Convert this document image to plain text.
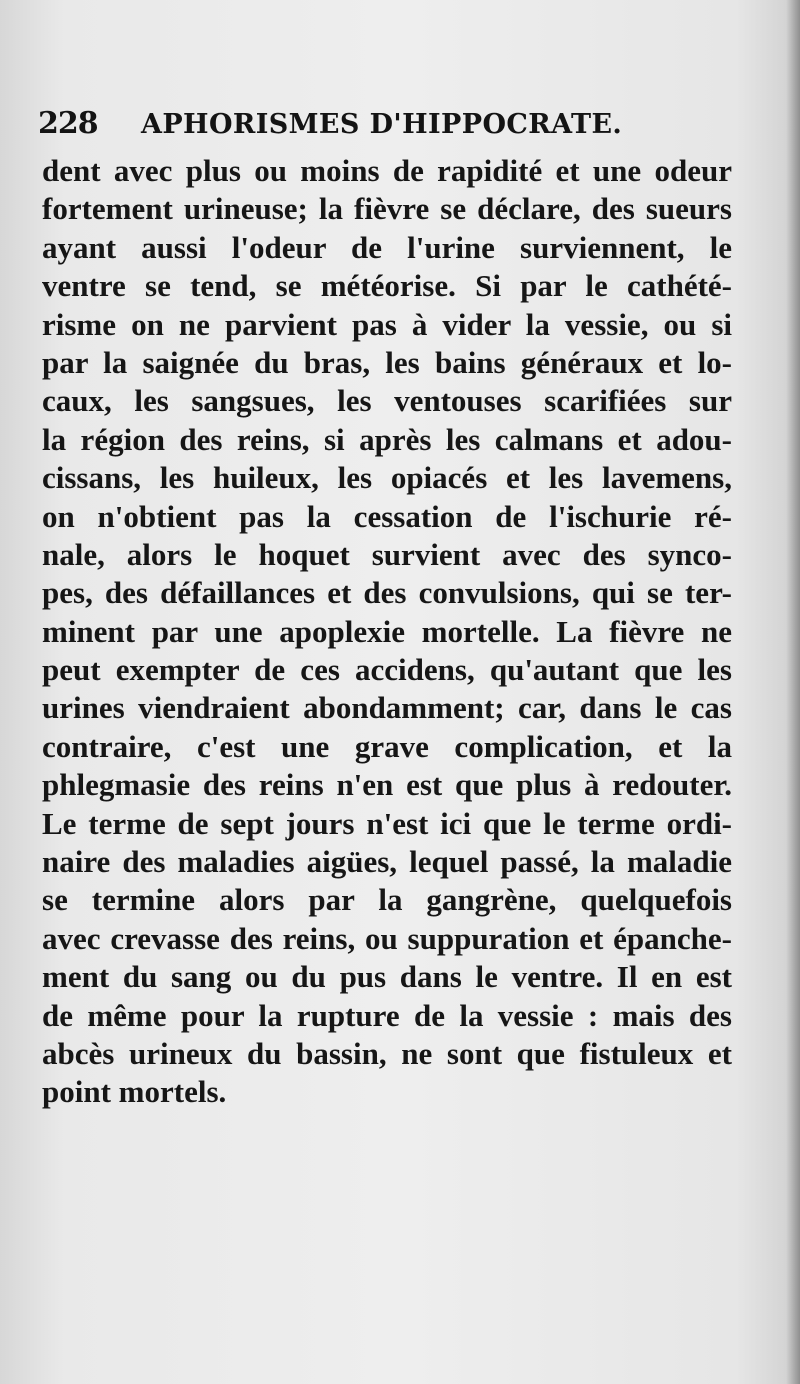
228 APHORISMES D'HIPPOCRATE.
dent avec plus ou moins de rapidité et une odeur
fortement urineuse; la fièvre se déclare, des sueurs
ayant aussi l'odeur de l'urine surviennent, le
ventre se tend, se météorise. Si par le cathété-
risme on ne parvient pas à vider la vessie, ou si
par la saignée du bras, les bains généraux et lo-
caux, les sangsues, les ventouses scarifiées sur
la région des reins, si après les calmans et adou-
cissans, les huileux, les opiacés et les lavemens,
on n'obtient pas la cessation de l'ischurie ré-
nale, alors le hoquet survient avec des synco-
pes, des défaillances et des convulsions, qui se ter-
minent par une apoplexie mortelle. La fièvre ne
peut exempter de ces accidens, qu'autant que les
urines viendraient abondamment; car, dans le cas
contraire, c'est une grave complication, et la
phlegmasie des reins n'en est que plus à redouter.
Le terme de sept jours n'est ici que le terme ordi-
naire des maladies aigües, lequel passé, la maladie
se termine alors par la gangrène, quelquefois
avec crevasse des reins, ou suppuration et épanche-
ment du sang ou du pus dans le ventre. Il en est
de même pour la rupture de la vessie : mais des
abcès urineux du bassin, ne sont que fistuleux et
point mortels.
